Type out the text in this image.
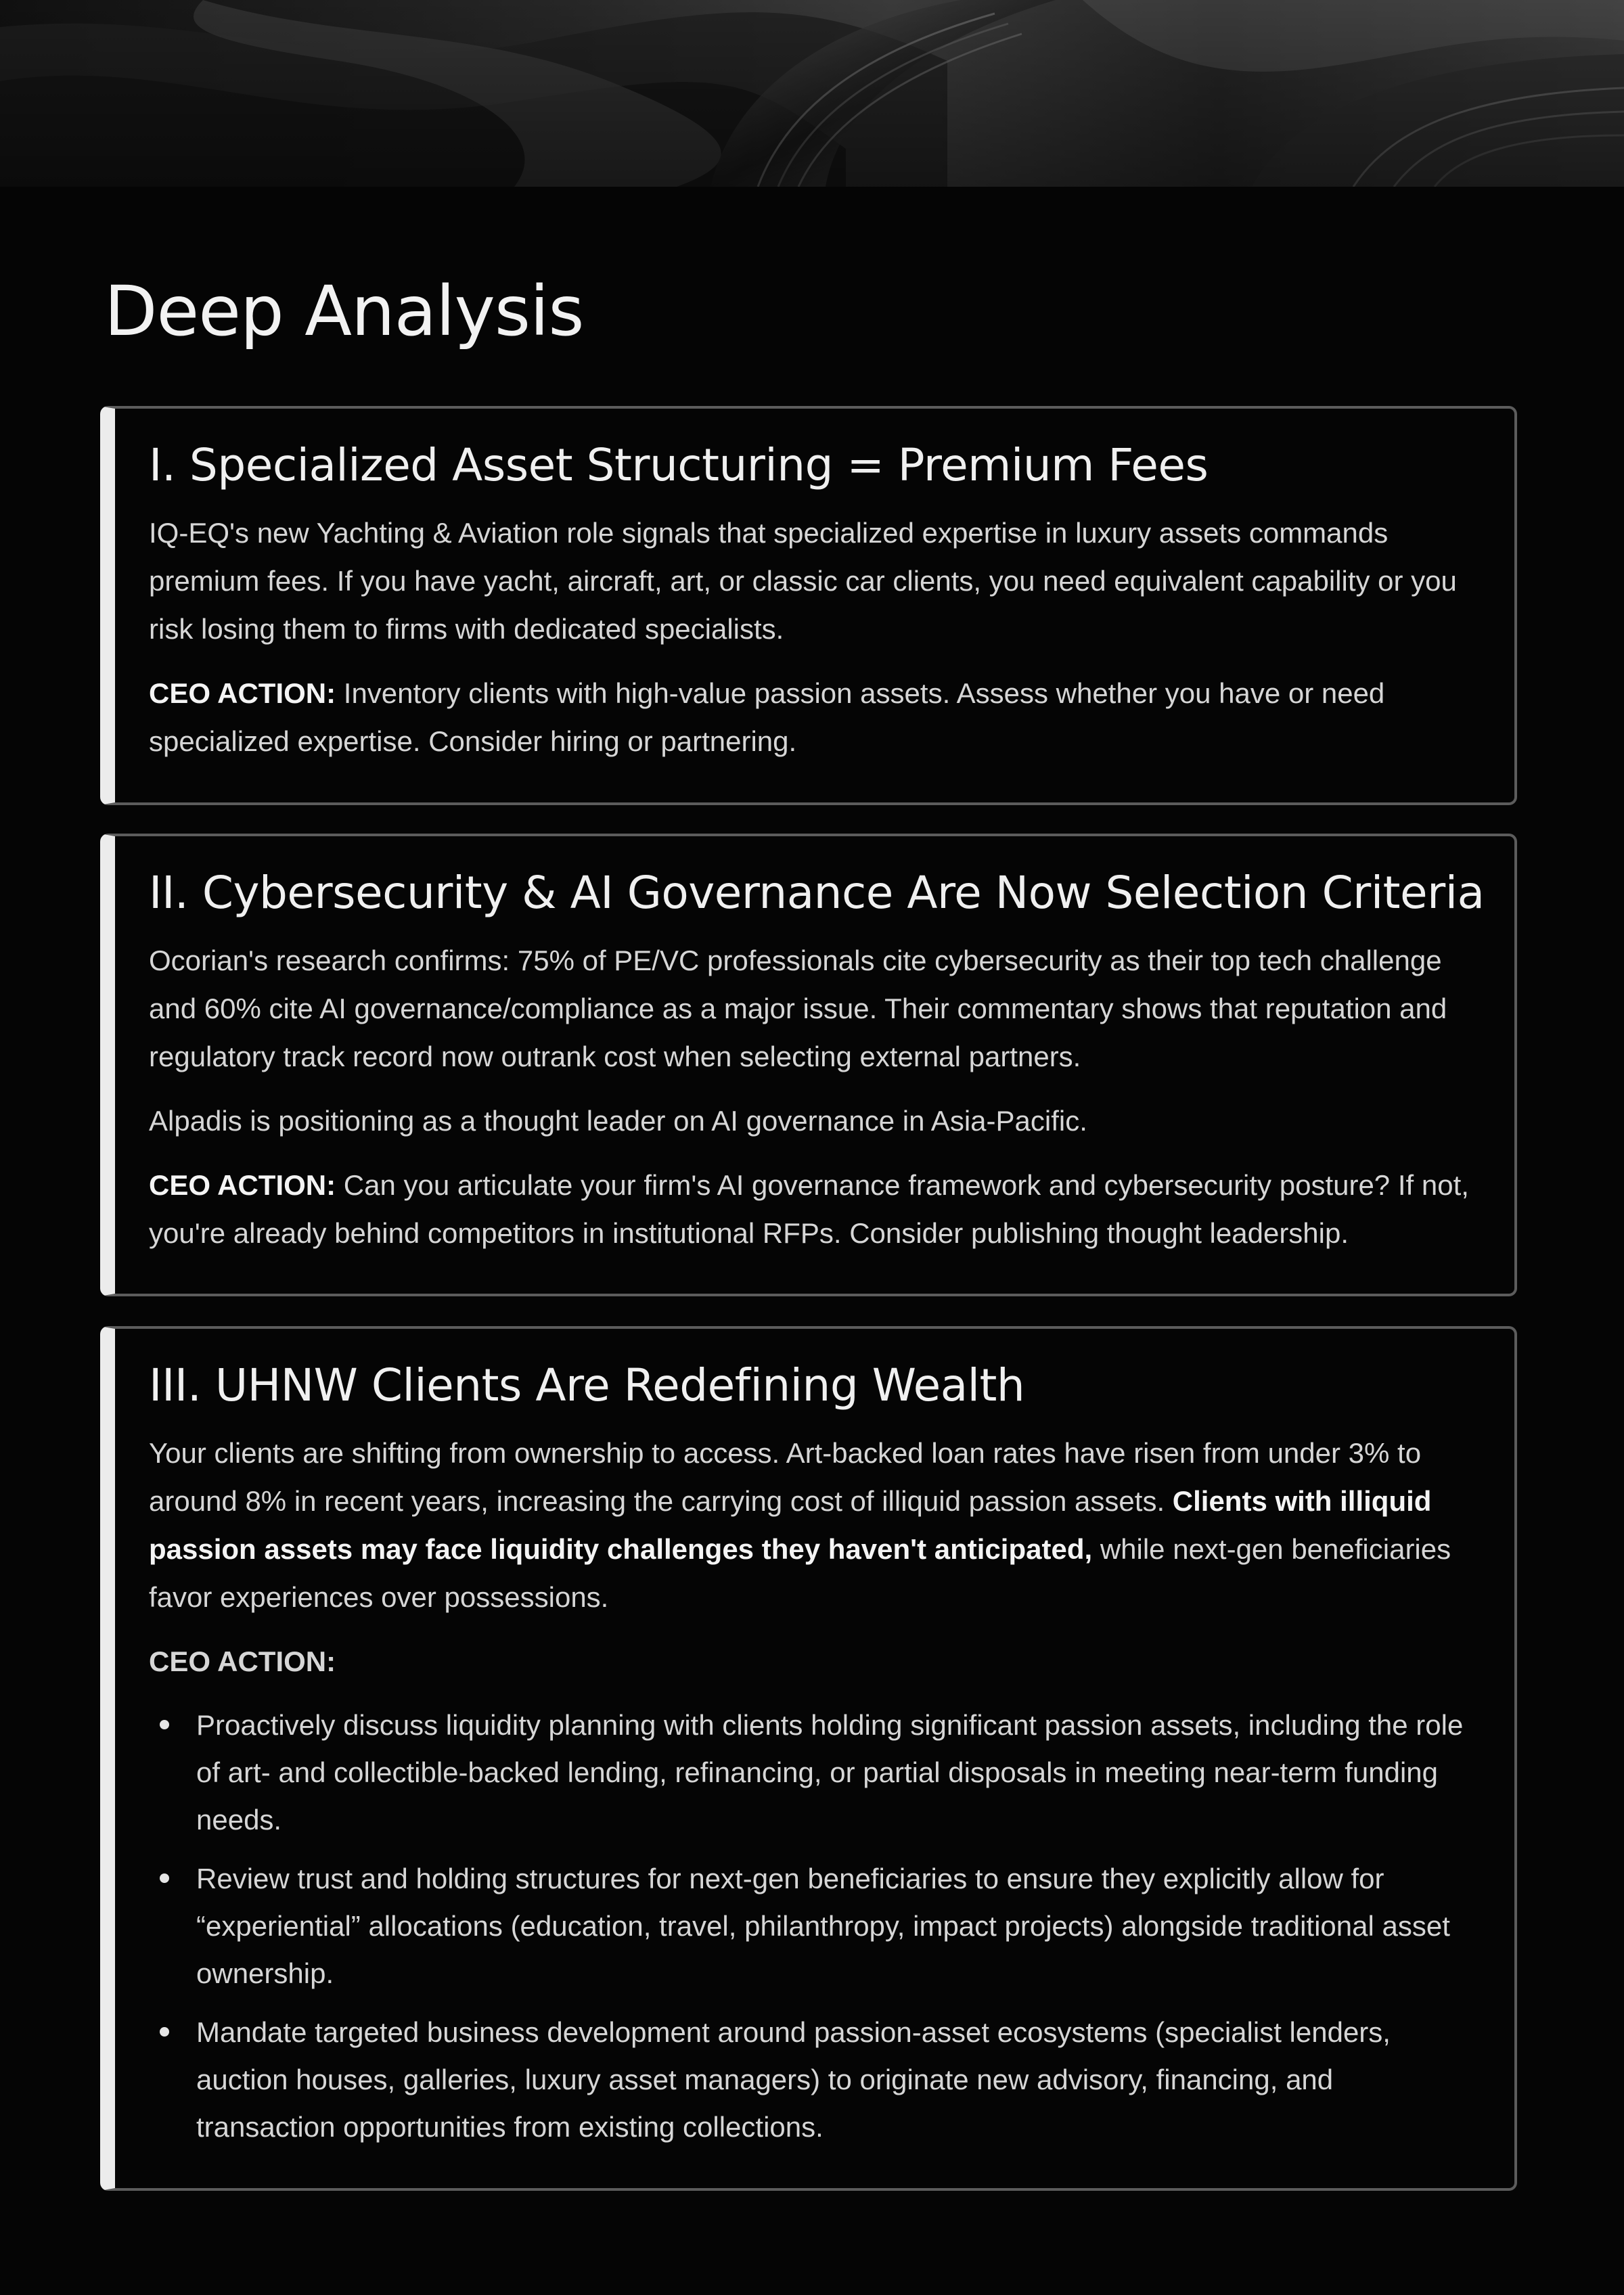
Deep Analysis
I. Specialized Asset Structuring = Premium Fees

IQ-EQ's new Yachting & Aviation role signals that specialized expertise in luxury assets commands premium fees. If you have yacht, aircraft, art, or classic car clients, you need equivalent capability or you risk losing them to firms with dedicated specialists.

CEO ACTION: Inventory clients with high-value passion assets. Assess whether you have or need specialized expertise. Consider hiring or partnering.

II. Cybersecurity & AI Governance Are Now Selection Criteria

Ocorian's research confirms: 75% of PE/VC professionals cite cybersecurity as their top tech challenge and 60% cite AI governance/compliance as a major issue. Their commentary shows that reputation and regulatory track record now outrank cost when selecting external partners.

Alpadis is positioning as a thought leader on AI governance in Asia-Pacific.

CEO ACTION: Can you articulate your firm's AI governance framework and cybersecurity posture? If not, you're already behind competitors in institutional RFPs. Consider publishing thought leadership.

III. UHNW Clients Are Redefining Wealth

Your clients are shifting from ownership to access. Art-backed loan rates have risen from under 3% to around 8% in recent years, increasing the carrying cost of illiquid passion assets. Clients with illiquid passion assets may face liquidity challenges they haven't anticipated, while next-gen beneficiaries favor experiences over possessions.

CEO ACTION:

Proactively discuss liquidity planning with clients holding significant passion assets, including the role of art- and collectible-backed lending, refinancing, or partial disposals in meeting near-term funding needs.
Review trust and holding structures for next-gen beneficiaries to ensure they explicitly allow for “experiential” allocations (education, travel, philanthropy, impact projects) alongside traditional asset ownership.
Mandate targeted business development around passion-asset ecosystems (specialist lenders, auction houses, galleries, luxury asset managers) to originate new advisory, financing, and transaction opportunities from existing collections.
